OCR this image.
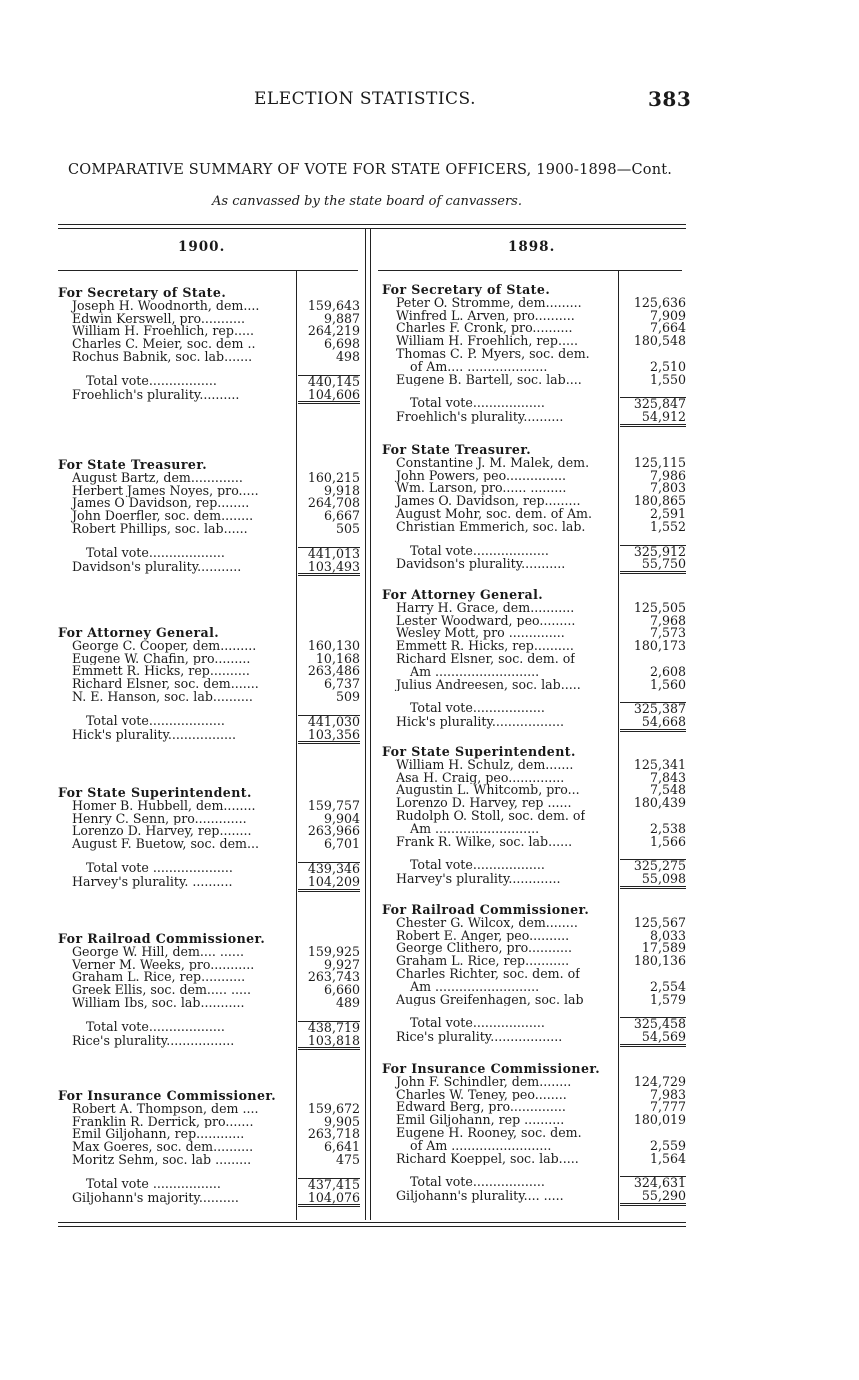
ELECTION STATISTICS.	383
COMPARATIVE SUMMARY OF VOTE FOR STATE OFFICERS, 1900-1898—Cont.
As canvassed by the state board of canvassers.
1900.	1898.
For Secretary of State.
Joseph H. Woodnorth, dem....	159,643
Edwin Kerswell, pro...........	9,887
William H. Froehlich, rep.....	264,219
Charles C. Meier, soc. dem ..	6,698
Rochus Babnik, soc. lab.......	498
Total vote.................	440,145
Froehlich's plurality..........	104,606
For State Treasurer.
August Bartz, dem.............	160,215
Herbert James Noyes, pro.....	9,918
James O Davidson, rep........	264,708
John Doerfler, soc. dem........	6,667
Robert Phillips, soc. lab......	505
Total vote...................	441,013
Davidson's plurality...........	103,493
For Attorney General.
George C. Cooper, dem.........	160,130
Eugene W. Chafin, pro.........	10,168
Emmett R. Hicks, rep..........	263,486
Richard Elsner, soc. dem.......	6,737
N. E. Hanson, soc. lab..........	509
Total vote...................	441,030
Hick's plurality.................	103,356
For State Superintendent.
Homer B. Hubbell, dem........	159,757
Henry C. Senn, pro.............	9,904
Lorenzo D. Harvey, rep........	263,966
August F. Buetow, soc. dem...	6,701
Total vote ....................	439,346
Harvey's plurality. ..........	104,209
For Railroad Commissioner.
George W. Hill, dem.... ......	159,925
Verner M. Weeks, pro...........	9,927
Graham L. Rice, rep...........	263,743
Greek Ellis, soc. dem..... .....	6,660
William Ibs, soc. lab...........	489
Total vote...................	438,719
Rice's plurality.................	103,818
For Insurance Commissioner.
Robert A. Thompson, dem ....	159,672
Franklin R. Derrick, pro.......	9,905
Emil Giljohann, rep............	263,718
Max Goeres, soc. dem..........	6,641
Moritz Sehm, soc. lab .........	475
Total vote .................	437,415
Giljohann's majority..........	104,076
For Secretary of State.
Peter O. Stromme, dem.........	125,636
Winfred L. Arven, pro..........	7,909
Charles F. Cronk, pro..........	7,664
William H. Froehlich, rep.....	180,548
Thomas C. P. Myers, soc. dem.
of Am.... ....................	2,510
Eugene B. Bartell, soc. lab....	1,550
Total vote..................	325,847
Froehlich's plurality..........	54,912
For State Treasurer.
Constantine J. M. Malek, dem.	125,115
John Powers, peo...............	7,986
Wm. Larson, pro...... .........	7,803
James O. Davidson, rep.........	180,865
August Mohr, soc. dem. of Am.	2,591
Christian Emmerich, soc. lab.	1,552
Total vote...................	325,912
Davidson's plurality...........	55,750
For Attorney General.
Harry H. Grace, dem...........	125,505
Lester Woodward, peo.........	7,968
Wesley Mott, pro ..............	7,573
Emmett R. Hicks, rep..........	180,173
Richard Elsner, soc. dem. of
Am ..........................	2,608
Julius Andreesen, soc. lab.....	1,560
Total vote..................	325,387
Hick's plurality..................	54,668
For State Superintendent.
William H. Schulz, dem.......	125,341
Asa H. Craig, peo..............	7,843
Augustin L. Whitcomb, pro...	7,548
Lorenzo D. Harvey, rep ......	180,439
Rudolph O. Stoll, soc. dem. of
Am ..........................	2,538
Frank R. Wilke, soc. lab......	1,566
Total vote..................	325,275
Harvey's plurality.............	55,098
For Railroad Commissioner.
Chester G. Wilcox, dem........	125,567
Robert E. Anger, peo..........	8,033
George Clithero, pro...........	17,589
Graham L. Rice, rep...........	180,136
Charles Richter, soc. dem. of
Am ..........................	2,554
Augus Greifenhagen, soc. lab	1,579
Total vote..................	325,458
Rice's plurality..................	54,569
For Insurance Commissioner.
John F. Schindler, dem........	124,729
Charles W. Teney, peo........	7,983
Edward Berg, pro..............	7,777
Emil Giljohann, rep ..........	180,019
Eugene H. Rooney, soc. dem.
of Am .........................	2,559
Richard Koeppel, soc. lab.....	1,564
Total vote..................	324,631
Giljohann's plurality.... .....	55,290
